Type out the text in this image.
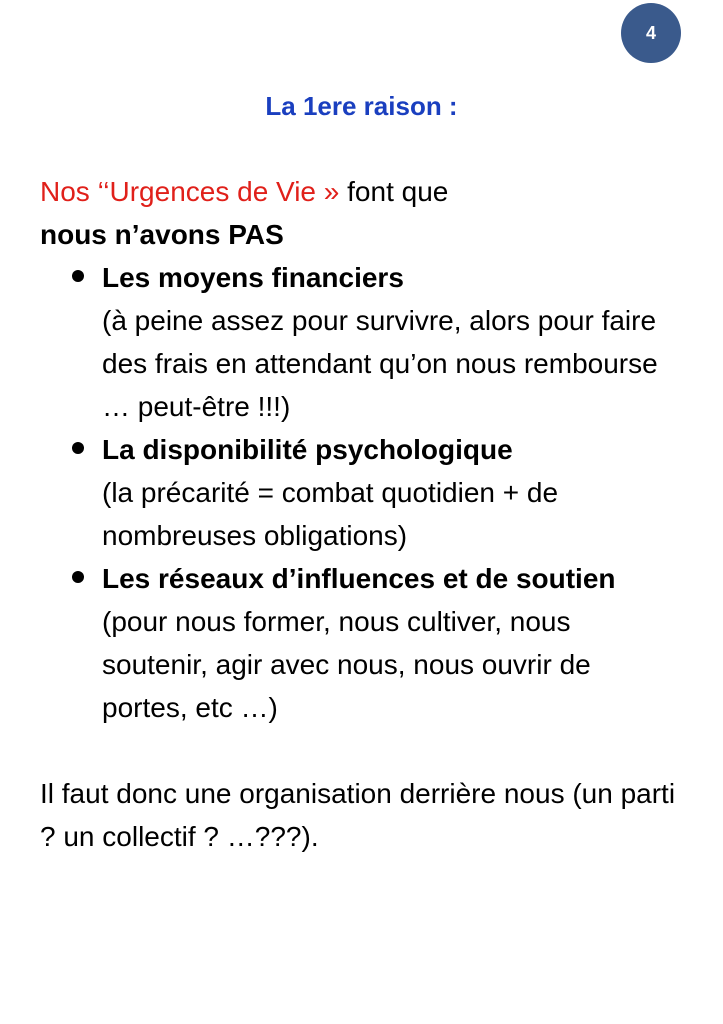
4
La 1ere raison :
Nos ‘‘Urgences de Vie » font que
nous n’avons PAS
Les moyens financiers
(à peine assez pour survivre, alors pour faire des frais en attendant qu’on nous rembourse … peut-être !!!)
La disponibilité psychologique
(la précarité = combat quotidien + de nombreuses obligations)
Les réseaux d’influences et de soutien
(pour nous former, nous cultiver, nous soutenir, agir avec nous, nous ouvrir de portes, etc …)
Il faut donc une organisation derrière nous (un parti ? un collectif ? …???).
